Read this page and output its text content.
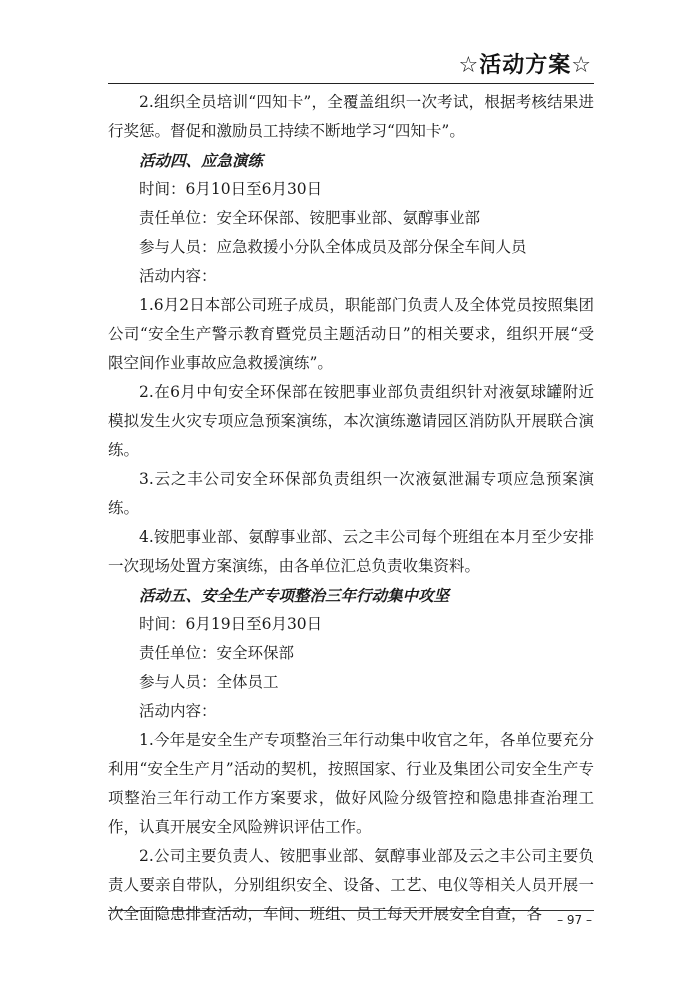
☆活动方案☆

2.组织全员培训“四知卡”，全覆盖组织一次考试，根据考核结果进行奖惩。督促和激励员工持续不断地学习“四知卡”。

活动四、应急演练

时间：6月10日至6月30日

责任单位：安全环保部、铵肥事业部、氨醇事业部

参与人员：应急救援小分队全体成员及部分保全车间人员

活动内容：

1.6月2日本部公司班子成员，职能部门负责人及全体党员按照集团公司“安全生产警示教育暨党员主题活动日”的相关要求，组织开展“受限空间作业事故应急救援演练”。

2.在6月中旬安全环保部在铵肥事业部负责组织针对液氨球罐附近模拟发生火灾专项应急预案演练，本次演练邀请园区消防队开展联合演练。

3.云之丰公司安全环保部负责组织一次液氨泄漏专项应急预案演练。

4.铵肥事业部、氨醇事业部、云之丰公司每个班组在本月至少安排一次现场处置方案演练，由各单位汇总负责收集资料。

活动五、安全生产专项整治三年行动集中攻坚

时间：6月19日至6月30日

责任单位：安全环保部

参与人员：全体员工

活动内容：

1.今年是安全生产专项整治三年行动集中收官之年，各单位要充分利用“安全生产月”活动的契机，按照国家、行业及集团公司安全生产专项整治三年行动工作方案要求，做好风险分级管控和隐患排查治理工作，认真开展安全风险辨识评估工作。

2.公司主要负责人、铵肥事业部、氨醇事业部及云之丰公司主要负责人要亲自带队，分别组织安全、设备、工艺、电仪等相关人员开展一次全面隐患排查活动，车间、班组、员工每天开展安全自查，各	– 97 –
